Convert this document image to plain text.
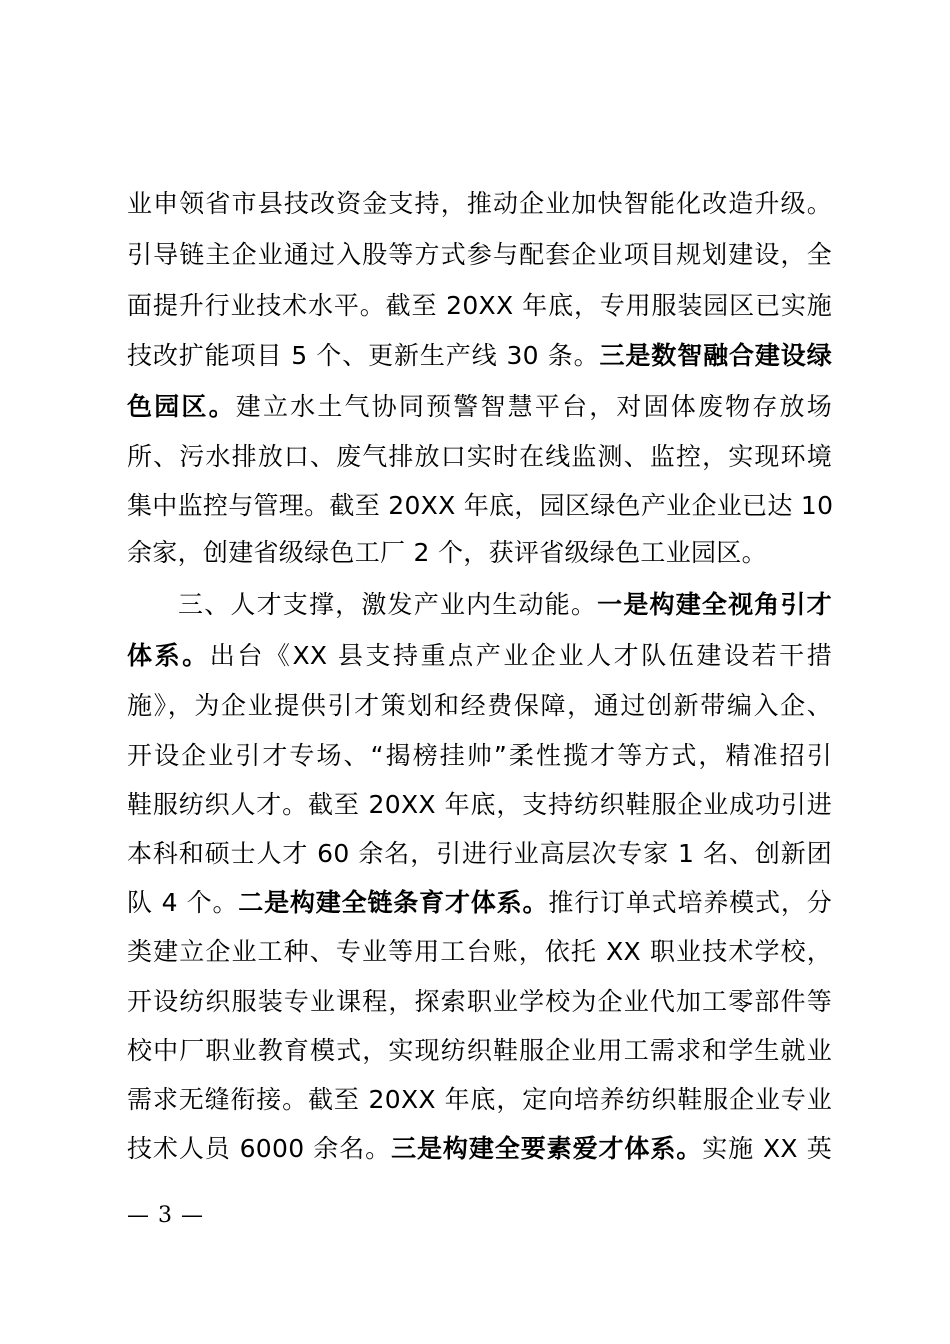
业申领省市县技改资金支持，推动企业加快智能化改造升级。
引导链主企业通过入股等方式参与配套企业项目规划建设，全
面提升行业技术水平。截至 20XX 年底，专用服装园区已实施
技改扩能项目 5 个、更新生产线 30 条。三是数智融合建设绿
色园区。建立水土气协同预警智慧平台，对固体废物存放场
所、污水排放口、废气排放口实时在线监测、监控，实现环境
集中监控与管理。截至 20XX 年底，园区绿色产业企业已达 10
余家，创建省级绿色工厂 2 个，获评省级绿色工业园区。
三、人才支撑，激发产业内生动能。一是构建全视角引才
体系。出台《XX 县支持重点产业企业人才队伍建设若干措
施》，为企业提供引才策划和经费保障，通过创新带编入企、
开设企业引才专场、“揭榜挂帅”柔性揽才等方式，精准招引
鞋服纺织人才。截至 20XX 年底，支持纺织鞋服企业成功引进
本科和硕士人才 60 余名，引进行业高层次专家 1 名、创新团
队 4 个。二是构建全链条育才体系。推行订单式培养模式，分
类建立企业工种、专业等用工台账，依托 XX 职业技术学校，
开设纺织服装专业课程，探索职业学校为企业代加工零部件等
校中厂职业教育模式，实现纺织鞋服企业用工需求和学生就业
需求无缝衔接。截至 20XX 年底，定向培养纺织鞋服企业专业
技术人员 6000 余名。三是构建全要素爱才体系。实施 XX 英
— 3 —
